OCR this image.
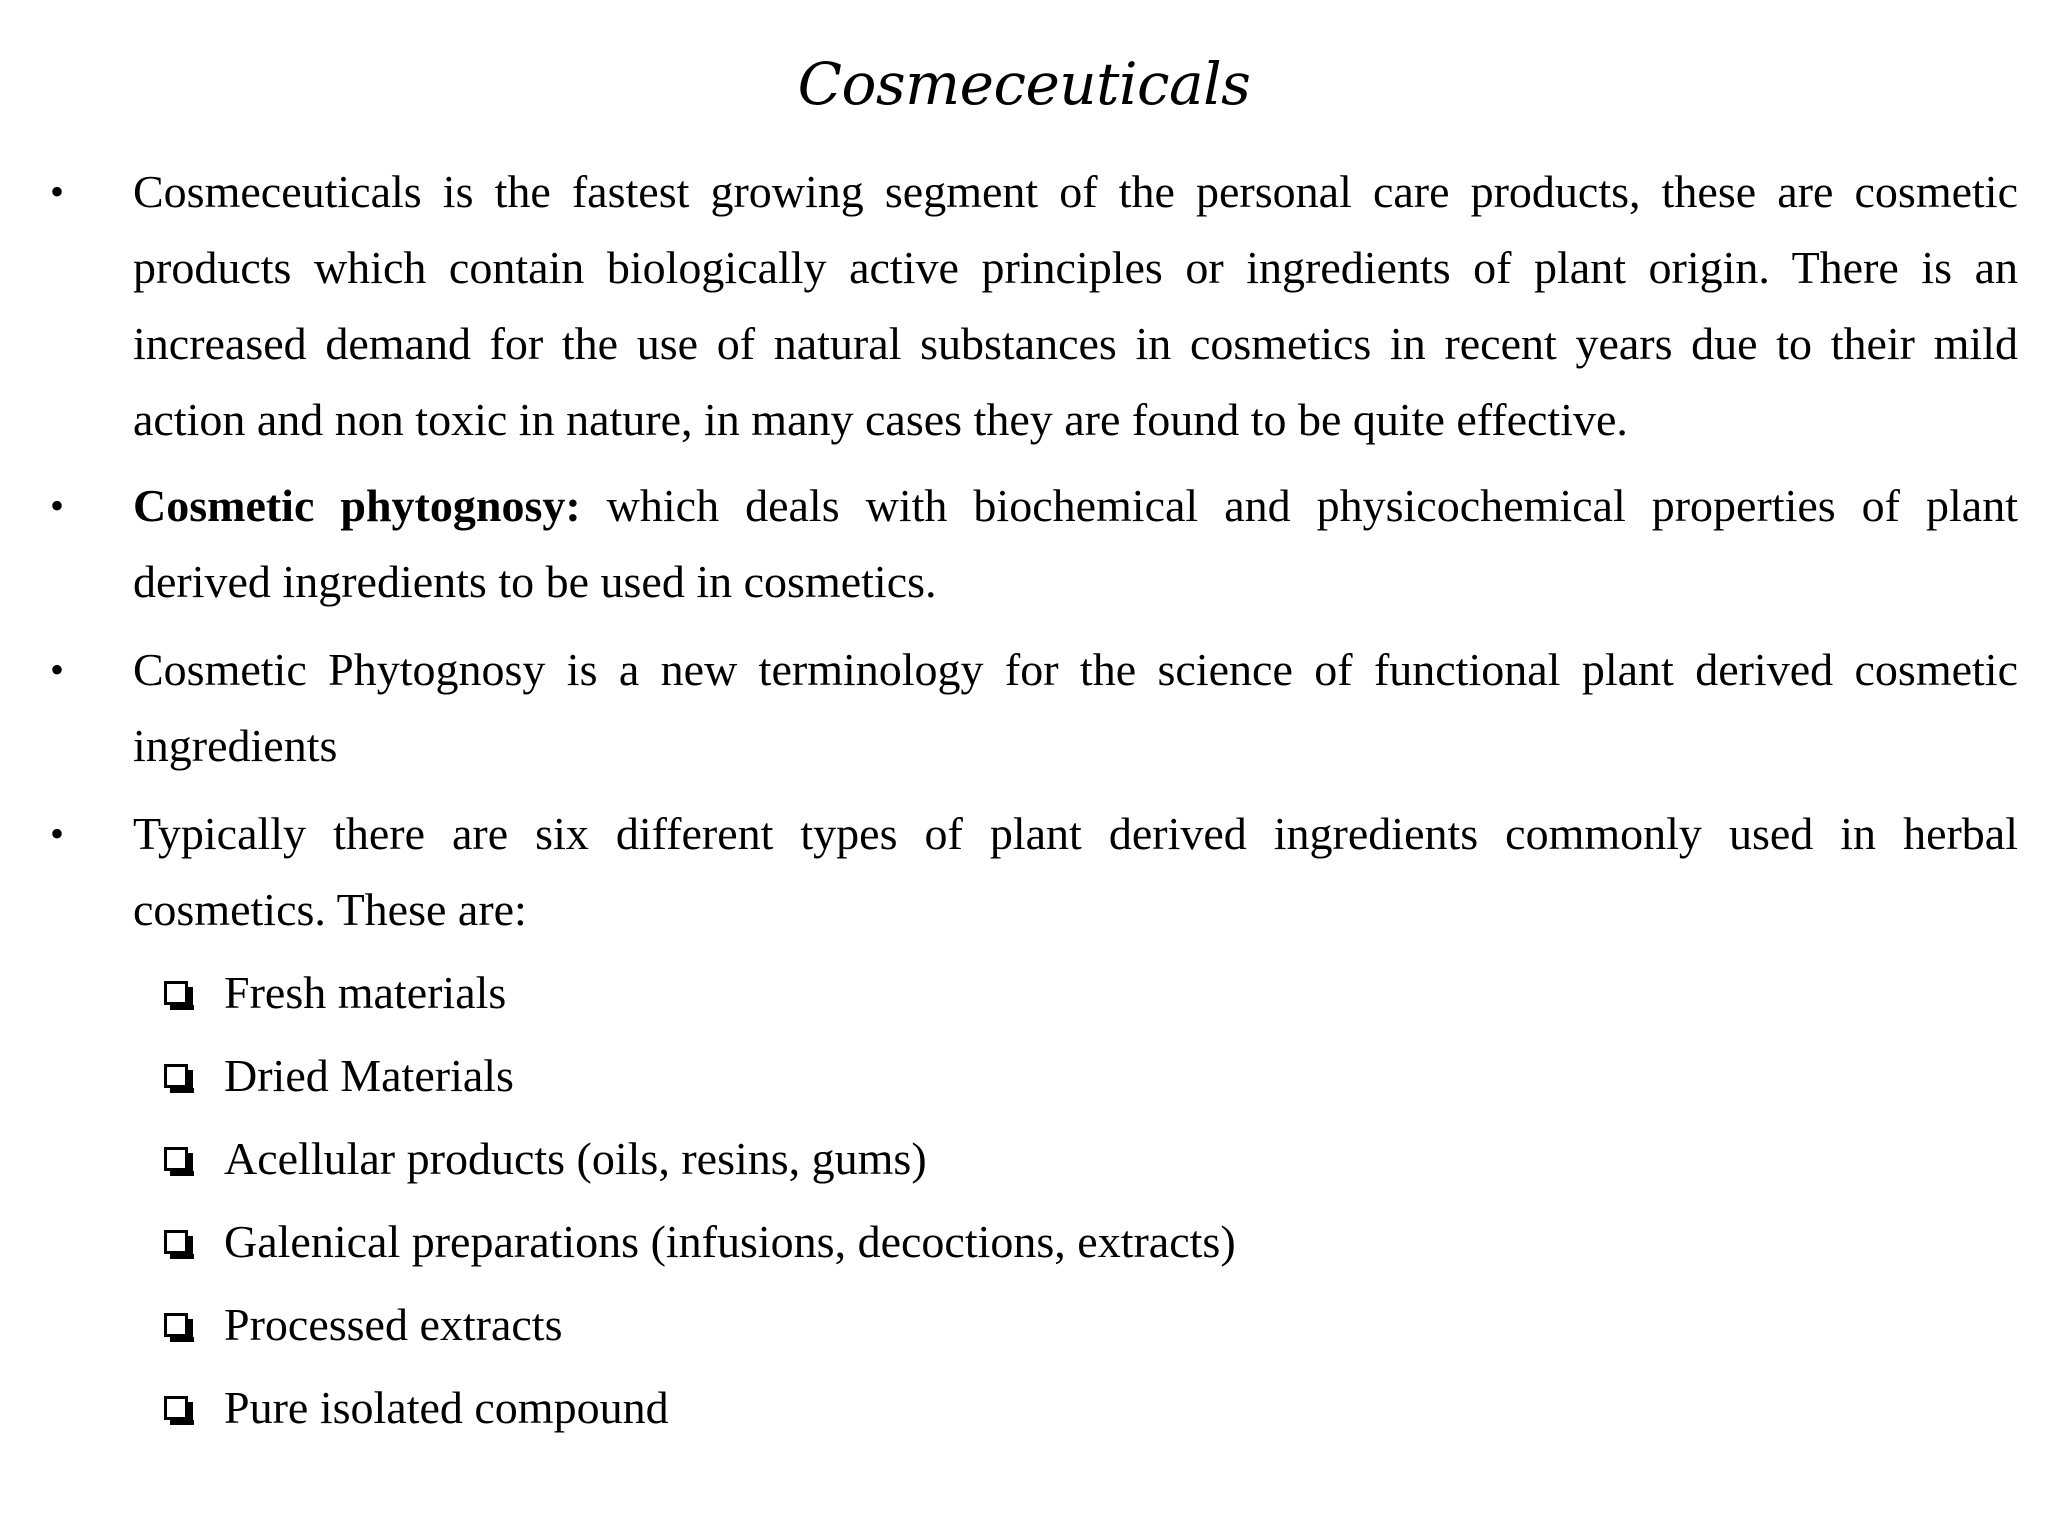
Cosmeceuticals
• Cosmeceuticals is the fastest growing segment of the personal care products, these are cosmetic products which contain biologically active principles or ingredients of plant origin. There is an increased demand for the use of natural substances in cosmetics in recent years due to their mild action and non toxic in nature, in many cases they are found to be quite effective.
• Cosmetic phytognosy: which deals with biochemical and physicochemical properties of plant derived ingredients to be used in cosmetics.
• Cosmetic Phytognosy is a new terminology for the science of functional plant derived cosmetic ingredients
• Typically there are six different types of plant derived ingredients commonly used in herbal cosmetics. These are:
Fresh materials
Dried Materials
Acellular products (oils, resins, gums)
Galenical preparations (infusions, decoctions, extracts)
Processed extracts
Pure isolated compound
